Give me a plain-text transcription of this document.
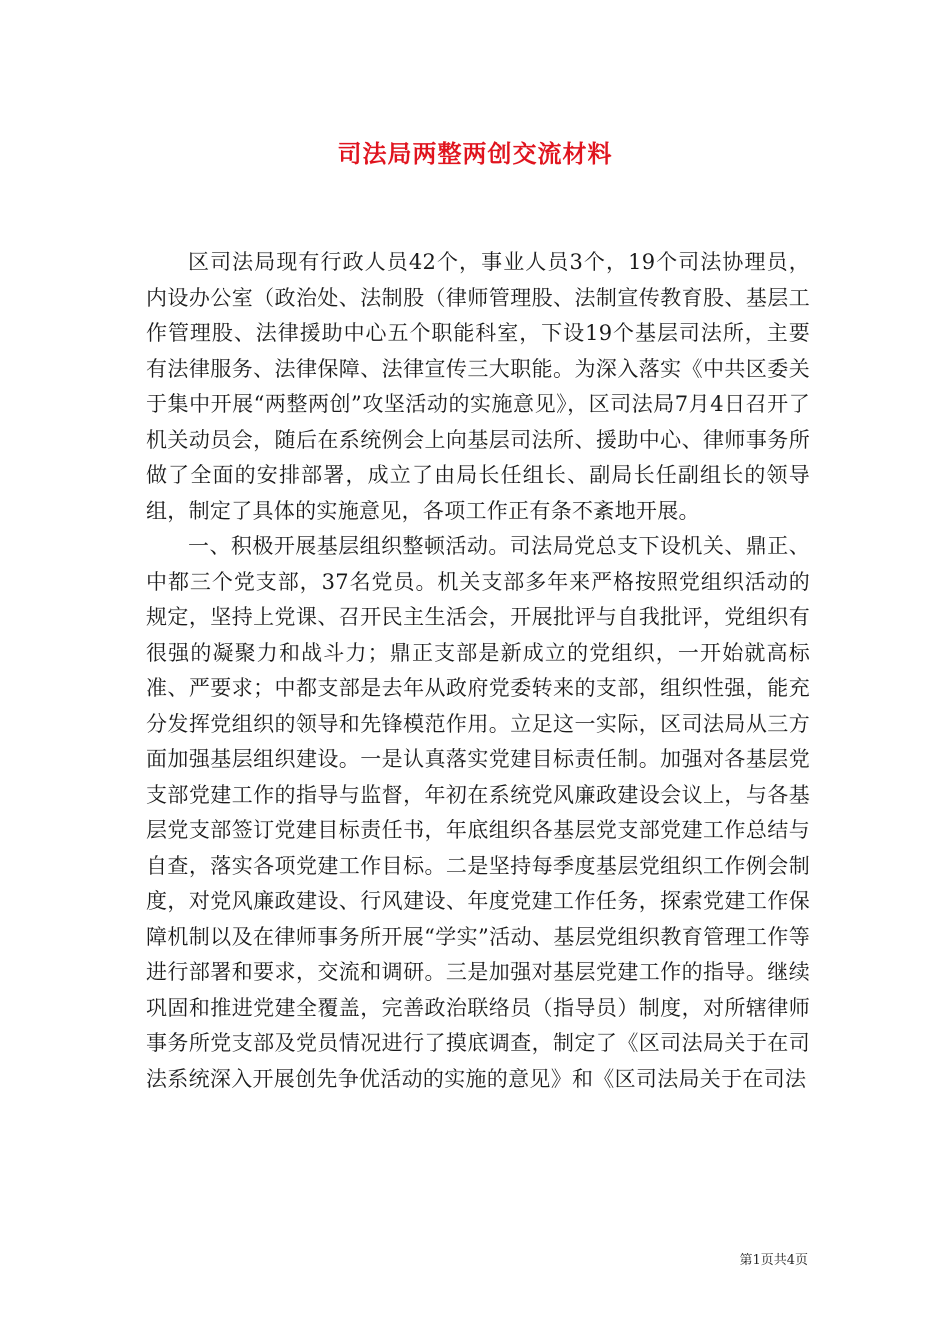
司法局两整两创交流材料

区司法局现有行政人员42个，事业人员3个，19个司法协理员，内设办公室（政治处、法制股（律师管理股、法制宣传教育股、基层工作管理股、法律援助中心五个职能科室，下设19个基层司法所，主要有法律服务、法律保障、法律宣传三大职能。为深入落实《中共区委关于集中开展“两整两创”攻坚活动的实施意见》，区司法局7月4日召开了机关动员会，随后在系统例会上向基层司法所、援助中心、律师事务所做了全面的安排部署，成立了由局长任组长、副局长任副组长的领导组，制定了具体的实施意见，各项工作正有条不紊地开展。

一、积极开展基层组织整顿活动。司法局党总支下设机关、鼎正、中都三个党支部，37名党员。机关支部多年来严格按照党组织活动的规定，坚持上党课、召开民主生活会，开展批评与自我批评，党组织有很强的凝聚力和战斗力；鼎正支部是新成立的党组织，一开始就高标准、严要求；中都支部是去年从政府党委转来的支部，组织性强，能充分发挥党组织的领导和先锋模范作用。立足这一实际，区司法局从三方面加强基层组织建设。一是认真落实党建目标责任制。加强对各基层党支部党建工作的指导与监督，年初在系统党风廉政建设会议上，与各基层党支部签订党建目标责任书，年底组织各基层党支部党建工作总结与自查，落实各项党建工作目标。二是坚持每季度基层党组织工作例会制度，对党风廉政建设、行风建设、年度党建工作任务，探索党建工作保障机制以及在律师事务所开展“学实”活动、基层党组织教育管理工作等进行部署和要求，交流和调研。三是加强对基层党建工作的指导。继续巩固和推进党建全覆盖，完善政治联络员（指导员）制度，对所辖律师事务所党支部及党员情况进行了摸底调查，制定了《区司法局关于在司法系统深入开展创先争优活动的实施的意见》和《区司法局关于在司法

第1页共4页
